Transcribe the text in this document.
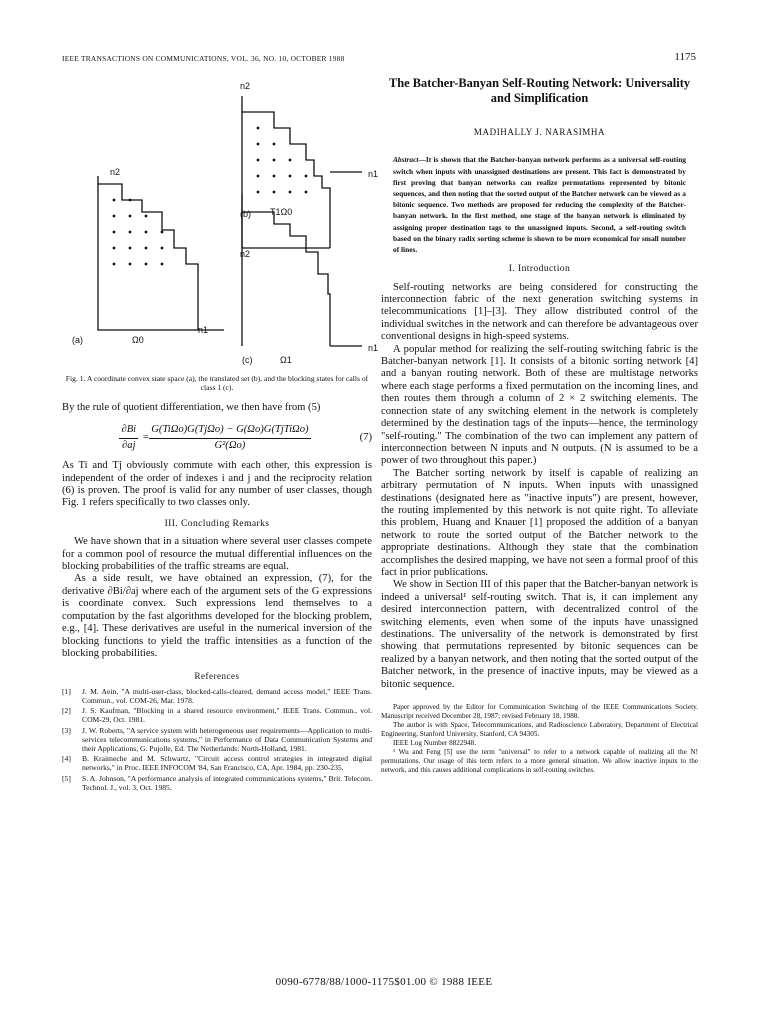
IEEE TRANSACTIONS ON COMMUNICATIONS, VOL. 36, NO. 10, OCTOBER 1988	1175
n2
n1
(b) T1Ω0
n2
n1
(a)	Ω0
n2
n1
(c)	Ω1
Fig. 1. A coordinate convex state space (a), the translated set (b), and the blocking states for calls of class 1 (c).

By the rule of quotient differentiation, we then have from (5)

$\frac{\partial Bi}{\partial aj} = \frac{\text{G(TiΩo)G(TjΩo) − G(Ωo)G(TjTiΩo)}}{\text{G²(Ωo)}}$	(7)

As Ti and Tj obviously commute with each other, this expression is independent of the order of indexes i and j and the reciprocity relation (6) is proven. The proof is valid for any number of user classes, though Fig. 1 refers specifically to two classes only.

III. Concluding Remarks

We have shown that in a situation where several user classes compete for a common pool of resource the mutual differential influences on the blocking probabilities of the traffic streams are equal.

As a side result, we have obtained an expression, (7), for the derivative ∂Bi/∂aj where each of the argument sets of the G expressions is coordinate convex. Such expressions lend themselves to a computation by the fast algorithms developed for the blocking problem, e.g., [4]. These derivatives are useful in the numerical inversion of the blocking functions to yield the traffic intensities as a function of the blocking probabilities.

References
[1]	J. M. Aein, "A multi-user-class, blocked-calls-cleared, demand access model," IEEE Trans. Commun., vol. COM-26, Mar. 1978.
[2]	J. S. Kaufman, "Blocking in a shared resource environment," IEEE Trans. Commun., vol. COM-29, Oct. 1981.
[3]	J. W. Roberts, "A service system with heterogeneous user requirements—Application to multi-services telecommunications systems," in Performance of Data Communication Systems and their Applications, G. Pujolle, Ed. The Netherlands: North-Holland, 1981.
[4]	B. Kraimeche and M. Schwartz, "Circuit access control strategies in integrated digital networks," in Proc. IEEE INFOCOM '84, San Francisco, CA, Apr. 1984, pp. 230-235.
[5]	S. A. Johnson, "A performance analysis of integrated communications systems," Brit. Telecom. Technol. J., vol. 3, Oct. 1985.
The Batcher-Banyan Self-Routing Network: Universality and Simplification
MADIHALLY J. NARASIMHA
Abstract—It is shown that the Batcher-banyan network performs as a universal self-routing switch when inputs with unassigned destinations are present. This fact is demonstrated by first proving that banyan networks can realize permutations represented by bitonic sequences, and then noting that the sorted output of the Batcher network can be viewed as a bitonic sequence. Two methods are proposed for reducing the complexity of the Batcher-banyan network. In the first method, one stage of the banyan network is eliminated by assigning proper destination tags to the unassigned inputs. Second, a self-routing switch based on the binary radix sorting scheme is shown to be more economical for small number of lines.
I. Introduction

Self-routing networks are being considered for constructing the interconnection fabric of the next generation switching systems in telecommunications [1]–[3]. They allow distributed control of the individual switches in the network and can therefore be advantageous over conventional designs in high-speed systems.

A popular method for realizing the self-routing switching fabric is the Batcher-banyan network [1]. It consists of a bitonic sorting network [4] and a banyan routing network. Both of these are multistage networks where each stage performs a fixed permutation on the incoming lines, and then routes them through a column of 2 × 2 switching elements. The connection state of any switching element in the network is completely determined by the destination tags of the inputs—hence, the terminology "self-routing." The combination of the two can implement any pattern of interconnection between N inputs and N outputs. (N is assumed to be a power of two throughout this paper.)

The Batcher sorting network by itself is capable of realizing an arbitrary permutation of N inputs. When inputs with unassigned destinations (designated here as "inactive inputs") are present, however, the routing implemented by this network is not quite right. To alleviate this problem, Huang and Knauer [1] proposed the addition of a banyan network to route the sorted output of the Batcher network to the appropriate destinations. Although they state that the combination accomplishes the desired mapping, we have not seen a formal proof of this fact in prior publications.

We show in Section III of this paper that the Batcher-banyan network is indeed a universal¹ self-routing switch. That is, it can implement any desired interconnection pattern, with decentralized control of the switching elements, even when some of the inputs have unassigned destinations. The universality of the network is demonstrated by first showing that permutations represented by bitonic sequences can be realized by a banyan network, and then noting that the sorted output of the Batcher network, in the presence of inactive inputs, may be viewed as a bitonic sequence.

Paper approved by the Editor for Communication Switching of the IEEE Communications Society. Manuscript received December 28, 1987; revised February 18, 1988.

The author is with Space, Telecommunications, and Radioscience Laboratory, Department of Electrical Engineering, Stanford University, Stanford, CA 94305.

IEEE Log Number 8822948.

¹ Wu and Feng [5] use the term "universal" to refer to a network capable of realizing all the N! permutations. Our usage of this term refers to a more general situation. We allow inactive inputs to the network, and this causes additional complications in self-routing switches.

0090-6778/88/1000-1175$01.00 © 1988 IEEE
